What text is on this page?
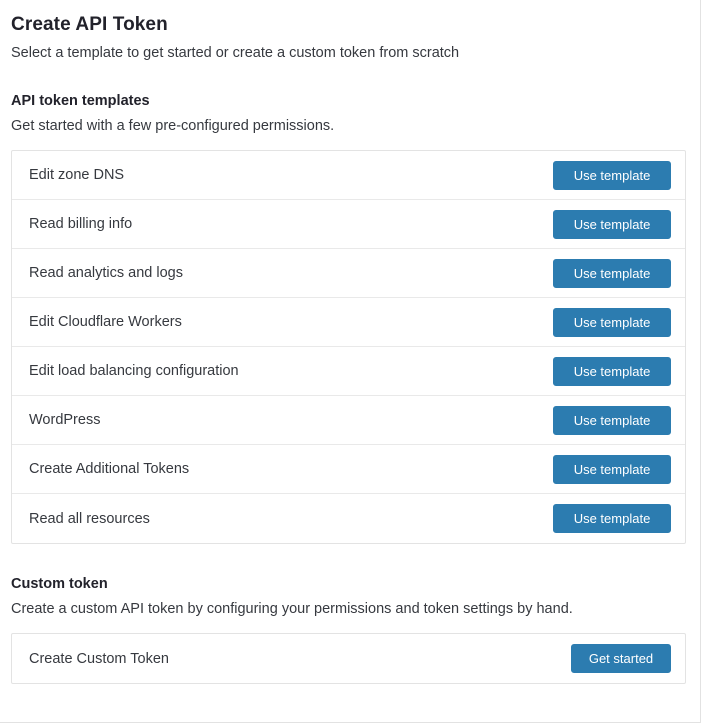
Create API Token
Select a template to get started or create a custom token from scratch
API token templates
Get started with a few pre-configured permissions.
Edit zone DNS	Use template
Read billing info	Use template
Read analytics and logs	Use template
Edit Cloudflare Workers	Use template
Edit load balancing configuration	Use template
WordPress	Use template
Create Additional Tokens	Use template
Read all resources	Use template
Custom token
Create a custom API token by configuring your permissions and token settings by hand.
Create Custom Token	Get started
